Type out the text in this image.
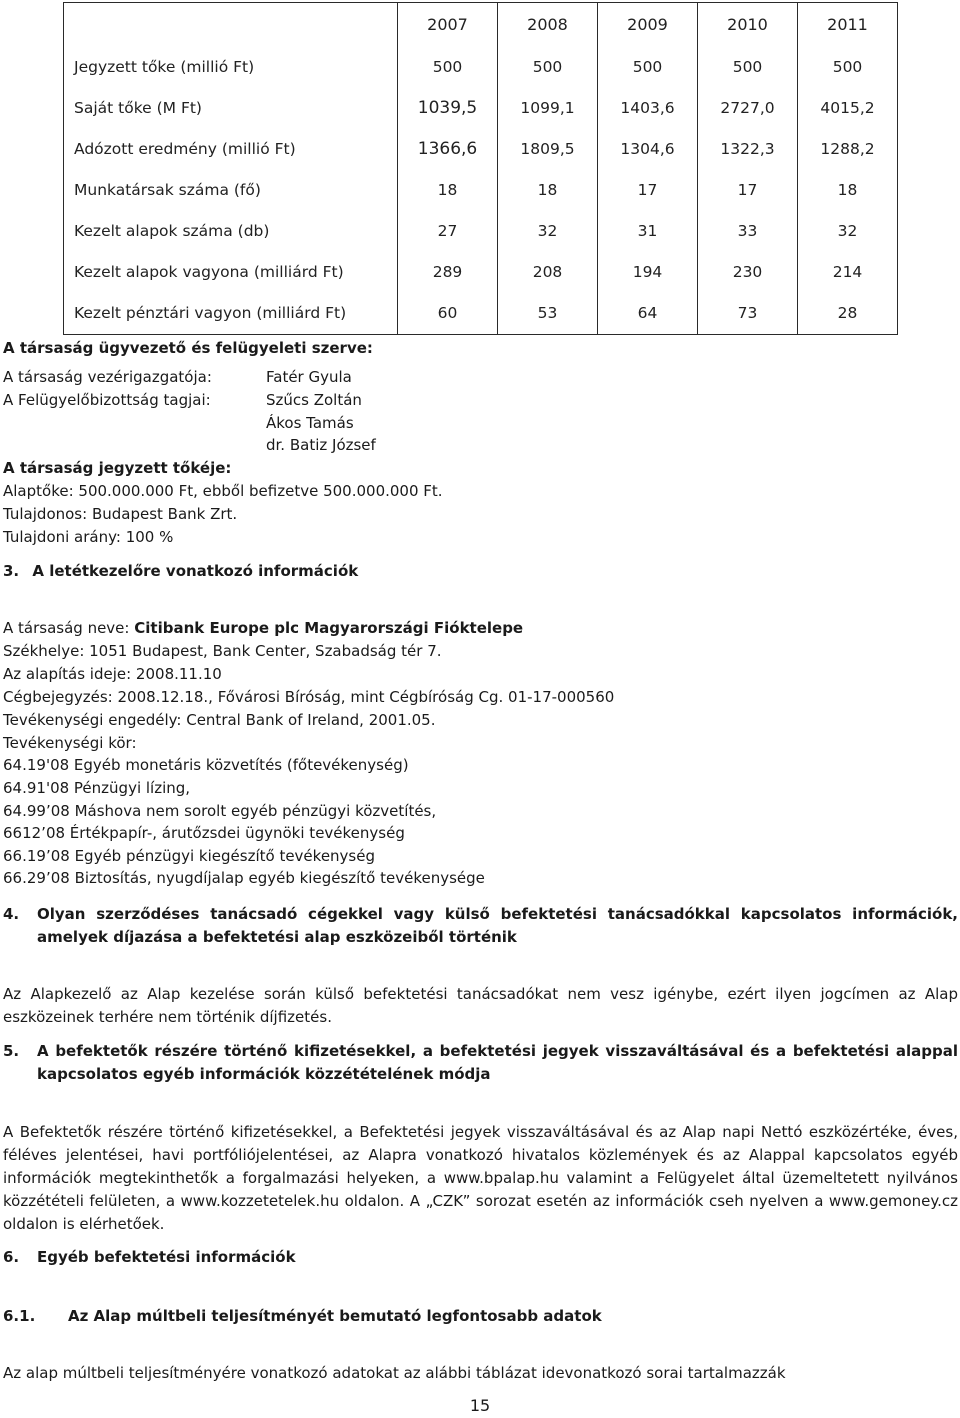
	2007	2008	2009	2010	2011
Jegyzett tőke (millió Ft)	500	500	500	500	500
Saját tőke (M Ft)	1039,5	1099,1	1403,6	2727,0	4015,2
Adózott eredmény (millió Ft)	1366,6	1809,5	1304,6	1322,3	1288,2
Munkatársak száma (fő)	18	18	17	17	18
Kezelt alapok száma (db)	27	32	31	33	32
Kezelt alapok vagyona (milliárd Ft)	289	208	194	230	214
Kezelt pénztári vagyon (milliárd Ft)	60	53	64	73	28
A társaság ügyvezető és felügyeleti szerve:
A társaság vezérigazgatója:	Fatér Gyula
A Felügyelőbizottság tagjai:	Szűcs Zoltán
Ákos Tamás
dr. Batiz József
A társaság jegyzett tőkéje:
Alaptőke: 500.000.000 Ft, ebből befizetve 500.000.000 Ft.
Tulajdonos: Budapest Bank Zrt.
Tulajdoni arány: 100 %
3. A letétkezelőre vonatkozó információk
A társaság neve: Citibank Europe plc Magyarországi Fióktelepe
Székhelye: 1051 Budapest, Bank Center, Szabadság tér 7.
Az alapítás ideje: 2008.11.10
Cégbejegyzés: 2008.12.18., Fővárosi Bíróság, mint Cégbíróság Cg. 01-17-000560
Tevékenységi engedély: Central Bank of Ireland, 2001.05.
Tevékenységi kör:
64.19'08 Egyéb monetáris közvetítés (főtevékenység)
64.91'08 Pénzügyi lízing,
64.99’08 Máshova nem sorolt egyéb pénzügyi közvetítés,
6612’08 Értékpapír-, árutőzsdei ügynöki tevékenység
66.19’08 Egyéb pénzügyi kiegészítő tevékenység
66.29’08 Biztosítás, nyugdíjalap egyéb kiegészítő tevékenysége
4. Olyan szerződéses tanácsadó cégekkel vagy külső befektetési tanácsadókkal kapcsolatos információk, amelyek díjazása a befektetési alap eszközeiből történik
Az Alapkezelő az Alap kezelése során külső befektetési tanácsadókat nem vesz igénybe, ezért ilyen jogcímen az Alap eszközeinek terhére nem történik díjfizetés.
5. A befektetők részére történő kifizetésekkel, a befektetési jegyek visszaváltásával és a befektetési alappal kapcsolatos egyéb információk közzétételének módja
A Befektetők részére történő kifizetésekkel, a Befektetési jegyek visszaváltásával és az Alap napi Nettó eszközértéke, éves, féléves jelentései, havi portfóliójelentései, az Alapra vonatkozó hivatalos közlemények és az Alappal kapcsolatos egyéb információk megtekinthetők a forgalmazási helyeken, a www.bpalap.hu valamint a Felügyelet által üzemeltetett nyilvános közzétételi felületen, a www.kozzetetelek.hu oldalon. A „CZK” sorozat esetén az információk cseh nyelven a www.gemoney.cz oldalon is elérhetőek.
6. Egyéb befektetési információk
6.1. Az Alap múltbeli teljesítményét bemutató legfontosabb adatok
Az alap múltbeli teljesítményére vonatkozó adatokat az alábbi táblázat idevonatkozó sorai tartalmazzák
15
